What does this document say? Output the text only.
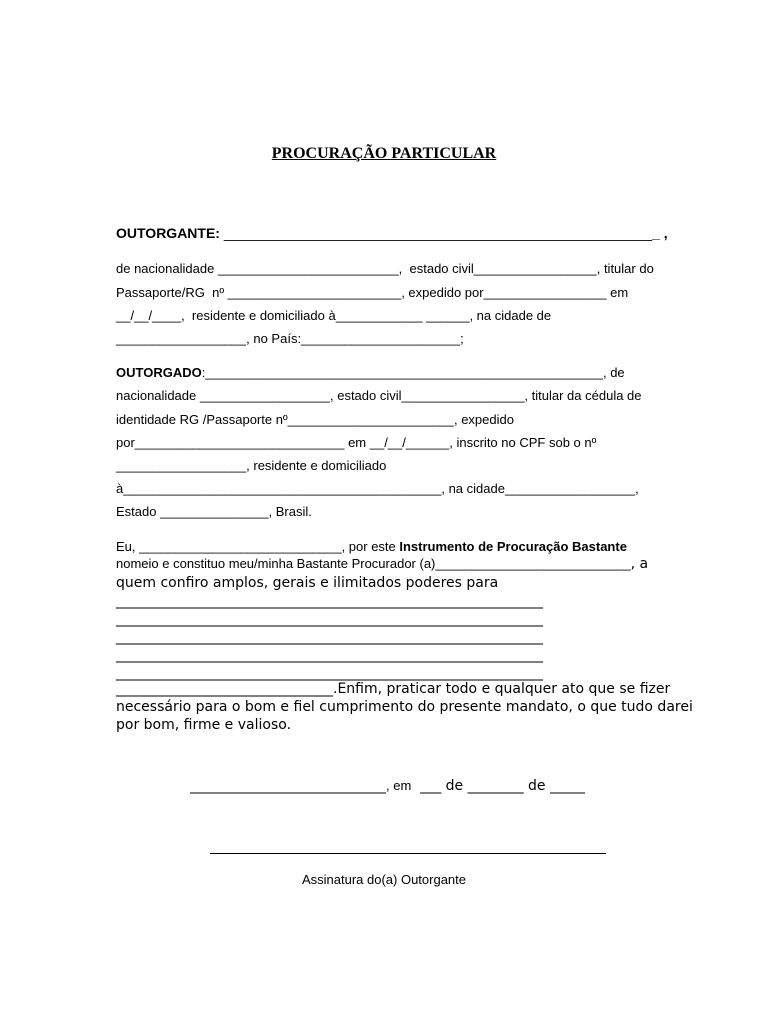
PROCURAÇÃO PARTICULAR

OUTORGANTE: ________________________________________________________ ,
de nacionalidade _________________________,  estado civil_________________, titular do
Passaporte/RG  nº ________________________, expedido por_________________ em
__/__/____,  residente e domiciliado à____________ ______, na cidade de
__________________, no País:______________________;
OUTORGADO:_______________________________________________________, de
nacionalidade __________________, estado civil_________________, titular da cédula de
identidade RG /Passaporte nº_______________________, expedido
por_____________________________ em __/__/______, inscrito no CPF sob o nº
__________________, residente e domiciliado
à____________________________________________, na cidade__________________,
Estado _______________, Brasil.
Eu, ____________________________, por este Instrumento de Procuração Bastante
nomeio e constituo meu/minha Bastante Procurador (a)___________________________, a
quem confiro amplos, gerais e ilimitados poderes para
_____________________________________________________________
_____________________________________________________________
_____________________________________________________________
_____________________________________________________________
_____________________________________________________________
_______________________________.Enfim, praticar todo e qualquer ato que se fizer
necessário para o bom e fiel cumprimento do presente mandato, o que tudo darei
por bom, firme e valioso.
____________________________, em  ___ de ________ de _____
Assinatura do(a) Outorgante
